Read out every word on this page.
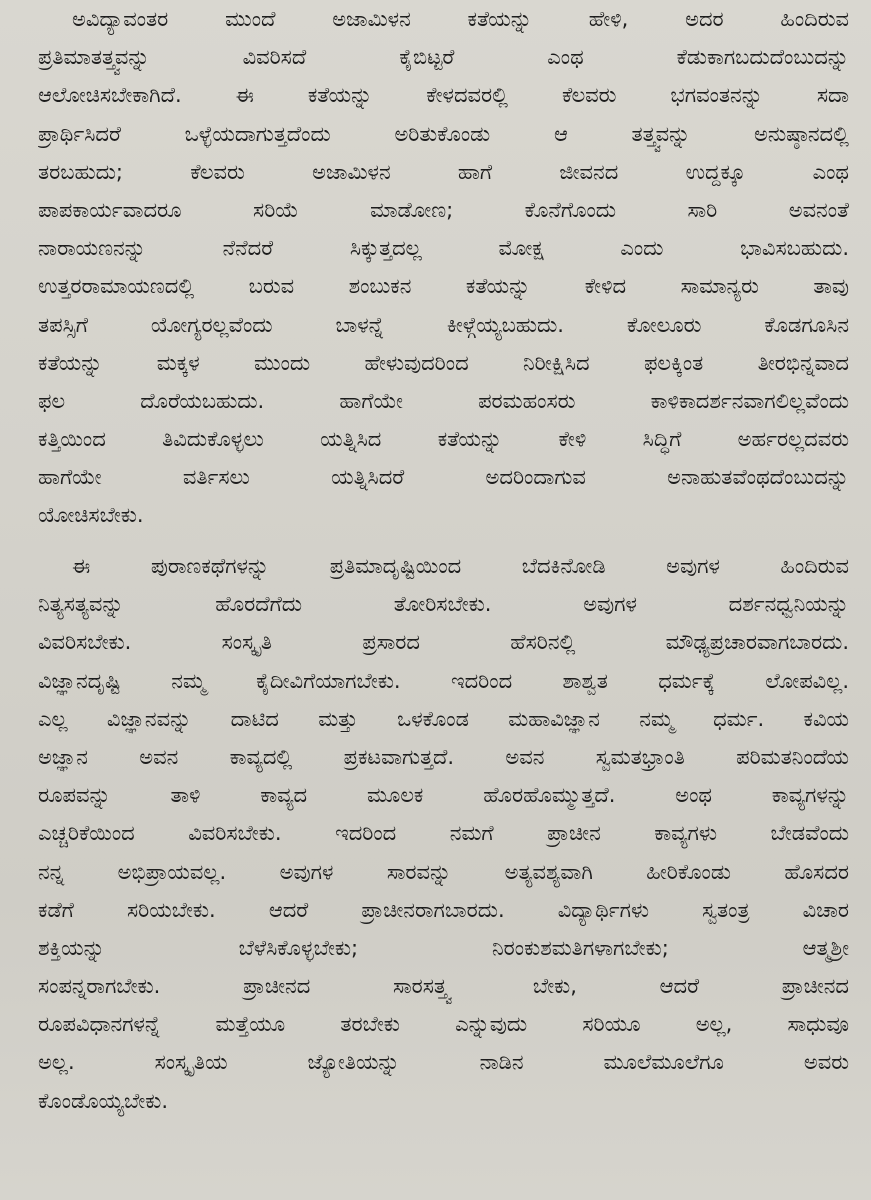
ಅವಿದ್ಯಾವಂತರ ಮುಂದೆ ಅಜಾಮಿಳನ ಕತೆಯನ್ನು ಹೇಳಿ, ಅದರ ಹಿಂದಿರುವ
ಪ್ರತಿಮಾತತ್ತ್ವವನ್ನು ವಿವರಿಸದೆ ಕೈಬಿಟ್ಟರೆ ಎಂಥ ಕೆಡುಕಾಗಬದುದೆಂಬುದನ್ನು
ಆಲೋಚಿಸಬೇಕಾಗಿದೆ. ಈ ಕತೆಯನ್ನು ಕೇಳದವರಲ್ಲಿ ಕೆಲವರು ಭಗವಂತನನ್ನು ಸದಾ
ಪ್ರಾರ್ಥಿಸಿದರೆ ಒಳ್ಳೆಯದಾಗುತ್ತದೆಂದು ಅರಿತುಕೊಂಡು ಆ ತತ್ತ್ವವನ್ನು ಅನುಷ್ಠಾನದಲ್ಲಿ
ತರಬಹುದು; ಕೆಲವರು ಅಜಾಮಿಳನ ಹಾಗೆ ಜೀವನದ ಉದ್ದಕ್ಕೂ ಎಂಥ
ಪಾಪಕಾರ್ಯವಾದರೂ ಸರಿಯೆ ಮಾಡೋಣ; ಕೊನೆಗೊಂದು ಸಾರಿ ಅವನಂತೆ
ನಾರಾಯಣನನ್ನು ನೆನೆದರೆ ಸಿಕ್ಕುತ್ತದಲ್ಲ ಮೋಕ್ಷ ಎಂದು ಭಾವಿಸಬಹುದು.
ಉತ್ತರರಾಮಾಯಣದಲ್ಲಿ ಬರುವ ಶಂಬುಕನ ಕತೆಯನ್ನು ಕೇಳಿದ ಸಾಮಾನ್ಯರು ತಾವು
ತಪಸ್ಸಿಗೆ ಯೋಗ್ಯರಲ್ಲವೆಂದು ಬಾಳನ್ನೆ ಕೀಳ್ಗೆಯ್ಯಬಹುದು. ಕೋಲೂರು ಕೊಡಗೂಸಿನ
ಕತೆಯನ್ನು ಮಕ್ಕಳ ಮುಂದು ಹೇಳುವುದರಿಂದ ನಿರೀಕ್ಷಿಸಿದ ಫಲಕ್ಕಿಂತ ತೀರಭಿನ್ನವಾದ
ಫಲ ದೊರೆಯಬಹುದು. ಹಾಗೆಯೇ ಪರಮಹಂಸರು ಕಾಳಿಕಾದರ್ಶನವಾಗಲಿಲ್ಲವೆಂದು
ಕತ್ತಿಯಿಂದ ತಿವಿದುಕೊಳ್ಳಲು ಯತ್ನಿಸಿದ ಕತೆಯನ್ನು ಕೇಳಿ ಸಿದ್ಧಿಗೆ ಅರ್ಹರಲ್ಲದವರು
ಹಾಗೆಯೇ ವರ್ತಿಸಲು ಯತ್ನಿಸಿದರೆ ಅದರಿಂದಾಗುವ ಅನಾಹುತವೆಂಥದೆಂಬುದನ್ನು
ಯೋಚಿಸಬೇಕು.
ಈ ಪುರಾಣಕಥೆಗಳನ್ನು ಪ್ರತಿಮಾದೃಷ್ಟಿಯಿಂದ ಬೆದಕಿನೋಡಿ ಅವುಗಳ ಹಿಂದಿರುವ
ನಿತ್ಯಸತ್ಯವನ್ನು ಹೊರದೆಗೆದು ತೋರಿಸಬೇಕು. ಅವುಗಳ ದರ್ಶನಧ್ವನಿಯನ್ನು
ವಿವರಿಸಬೇಕು. ಸಂಸ್ಕೃತಿ ಪ್ರಸಾರದ ಹೆಸರಿನಲ್ಲಿ ಮೌಢ್ಯಪ್ರಚಾರವಾಗಬಾರದು.
ವಿಜ್ಞಾನದೃಷ್ಟಿ ನಮ್ಮ ಕೈದೀವಿಗೆಯಾಗಬೇಕು. ಇದರಿಂದ ಶಾಶ್ವತ ಧರ್ಮಕ್ಕೆ ಲೋಪವಿಲ್ಲ.
ಎಲ್ಲ ವಿಜ್ಞಾನವನ್ನು ದಾಟಿದ ಮತ್ತು ಒಳಕೊಂಡ ಮಹಾವಿಜ್ಞಾನ ನಮ್ಮ ಧರ್ಮ. ಕವಿಯ
ಅಜ್ಞಾನ ಅವನ ಕಾವ್ಯದಲ್ಲಿ ಪ್ರಕಟವಾಗುತ್ತದೆ. ಅವನ ಸ್ವಮತಭ್ರಾಂತಿ ಪರಿಮತನಿಂದೆಯ
ರೂಪವನ್ನು ತಾಳಿ ಕಾವ್ಯದ ಮೂಲಕ ಹೊರಹೊಮ್ಮುತ್ತದೆ. ಅಂಥ ಕಾವ್ಯಗಳನ್ನು
ಎಚ್ಚರಿಕೆಯಿಂದ ವಿವರಿಸಬೇಕು. ಇದರಿಂದ ನಮಗೆ ಪ್ರಾಚೀನ ಕಾವ್ಯಗಳು ಬೇಡವೆಂದು
ನನ್ನ ಅಭಿಪ್ರಾಯವಲ್ಲ. ಅವುಗಳ ಸಾರವನ್ನು ಅತ್ಯವಶ್ಯವಾಗಿ ಹೀರಿಕೊಂಡು ಹೊಸದರ
ಕಡೆಗೆ ಸರಿಯಬೇಕು. ಆದರೆ ಪ್ರಾಚೀನರಾಗಬಾರದು. ವಿದ್ಯಾರ್ಥಿಗಳು ಸ್ವತಂತ್ರ ವಿಚಾರ
ಶಕ್ತಿಯನ್ನು ಬೆಳೆಸಿಕೊಳ್ಳಬೇಕು; ನಿರಂಕುಶಮತಿಗಳಾಗಬೇಕು; ಆತ್ಮಶ್ರೀ
ಸಂಪನ್ನರಾಗಬೇಕು. ಪ್ರಾಚೀನದ ಸಾರಸತ್ತ್ವ ಬೇಕು, ಆದರೆ ಪ್ರಾಚೀನದ
ರೂಪವಿಧಾನಗಳನ್ನೆ ಮತ್ತೆಯೂ ತರಬೇಕು ಎನ್ನುವುದು ಸರಿಯೂ ಅಲ್ಲ, ಸಾಧುವೂ
ಅಲ್ಲ. ಸಂಸ್ಕೃತಿಯ ಜ್ಯೋತಿಯನ್ನು ನಾಡಿನ ಮೂಲೆಮೂಲೆಗೂ ಅವರು
ಕೊಂಡೊಯ್ಯಬೇಕು.
